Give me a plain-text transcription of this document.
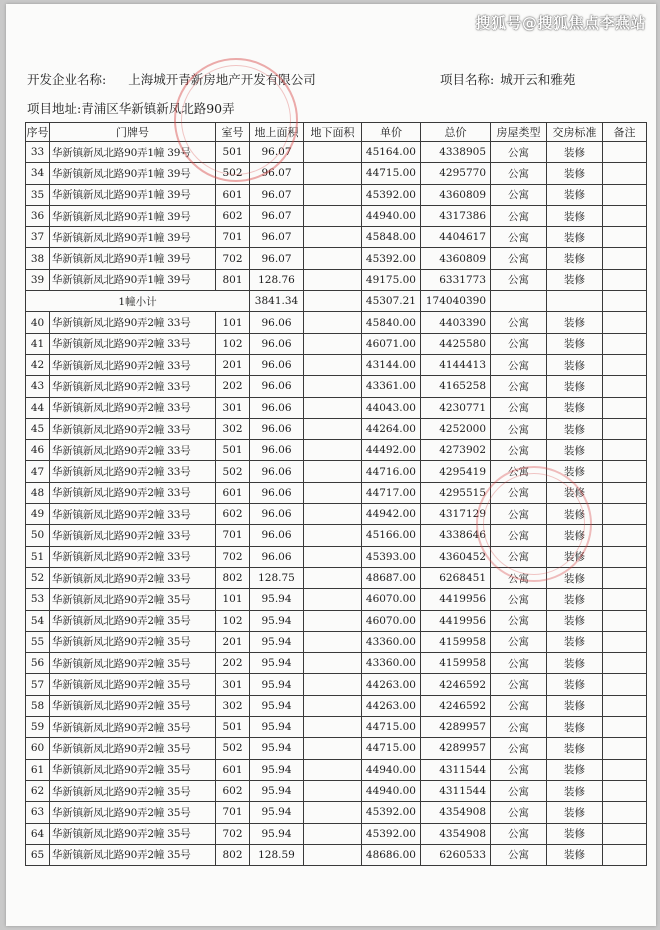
搜狐号@搜狐焦点李燕站
开发企业名称: 上海城开青新房地产开发有限公司	项目名称: 城开云和雅苑
项目地址:青浦区华新镇新凤北路90弄
序号	门牌号	室号	地上面积	地下面积	单价	总价	房屋类型	交房标准	备注
33	华新镇新凤北路90弄1幢 39号	501	96.07		45164.00	4338905	公寓	装修	
34	华新镇新凤北路90弄1幢 39号	502	96.07		44715.00	4295770	公寓	装修	
35	华新镇新凤北路90弄1幢 39号	601	96.07		45392.00	4360809	公寓	装修	
36	华新镇新凤北路90弄1幢 39号	602	96.07		44940.00	4317386	公寓	装修	
37	华新镇新凤北路90弄1幢 39号	701	96.07		45848.00	4404617	公寓	装修	
38	华新镇新凤北路90弄1幢 39号	702	96.07		45392.00	4360809	公寓	装修	
39	华新镇新凤北路90弄1幢 39号	801	128.76		49175.00	6331773	公寓	装修	
1幢小计			3841.34		45307.21	174040390			
40	华新镇新凤北路90弄2幢 33号	101	96.06		45840.00	4403390	公寓	装修	
41	华新镇新凤北路90弄2幢 33号	102	96.06		46071.00	4425580	公寓	装修	
42	华新镇新凤北路90弄2幢 33号	201	96.06		43144.00	4144413	公寓	装修	
43	华新镇新凤北路90弄2幢 33号	202	96.06		43361.00	4165258	公寓	装修	
44	华新镇新凤北路90弄2幢 33号	301	96.06		44043.00	4230771	公寓	装修	
45	华新镇新凤北路90弄2幢 33号	302	96.06		44264.00	4252000	公寓	装修	
46	华新镇新凤北路90弄2幢 33号	501	96.06		44492.00	4273902	公寓	装修	
47	华新镇新凤北路90弄2幢 33号	502	96.06		44716.00	4295419	公寓	装修	
48	华新镇新凤北路90弄2幢 33号	601	96.06		44717.00	4295515	公寓	装修	
49	华新镇新凤北路90弄2幢 33号	602	96.06		44942.00	4317129	公寓	装修	
50	华新镇新凤北路90弄2幢 33号	701	96.06		45166.00	4338646	公寓	装修	
51	华新镇新凤北路90弄2幢 33号	702	96.06		45393.00	4360452	公寓	装修	
52	华新镇新凤北路90弄2幢 33号	802	128.75		48687.00	6268451	公寓	装修	
53	华新镇新凤北路90弄2幢 35号	101	95.94		46070.00	4419956	公寓	装修	
54	华新镇新凤北路90弄2幢 35号	102	95.94		46070.00	4419956	公寓	装修	
55	华新镇新凤北路90弄2幢 35号	201	95.94		43360.00	4159958	公寓	装修	
56	华新镇新凤北路90弄2幢 35号	202	95.94		43360.00	4159958	公寓	装修	
57	华新镇新凤北路90弄2幢 35号	301	95.94		44263.00	4246592	公寓	装修	
58	华新镇新凤北路90弄2幢 35号	302	95.94		44263.00	4246592	公寓	装修	
59	华新镇新凤北路90弄2幢 35号	501	95.94		44715.00	4289957	公寓	装修	
60	华新镇新凤北路90弄2幢 35号	502	95.94		44715.00	4289957	公寓	装修	
61	华新镇新凤北路90弄2幢 35号	601	95.94		44940.00	4311544	公寓	装修	
62	华新镇新凤北路90弄2幢 35号	602	95.94		44940.00	4311544	公寓	装修	
63	华新镇新凤北路90弄2幢 35号	701	95.94		45392.00	4354908	公寓	装修	
64	华新镇新凤北路90弄2幢 35号	702	95.94		45392.00	4354908	公寓	装修	
65	华新镇新凤北路90弄2幢 35号	802	128.59		48686.00	6260533	公寓	装修	
